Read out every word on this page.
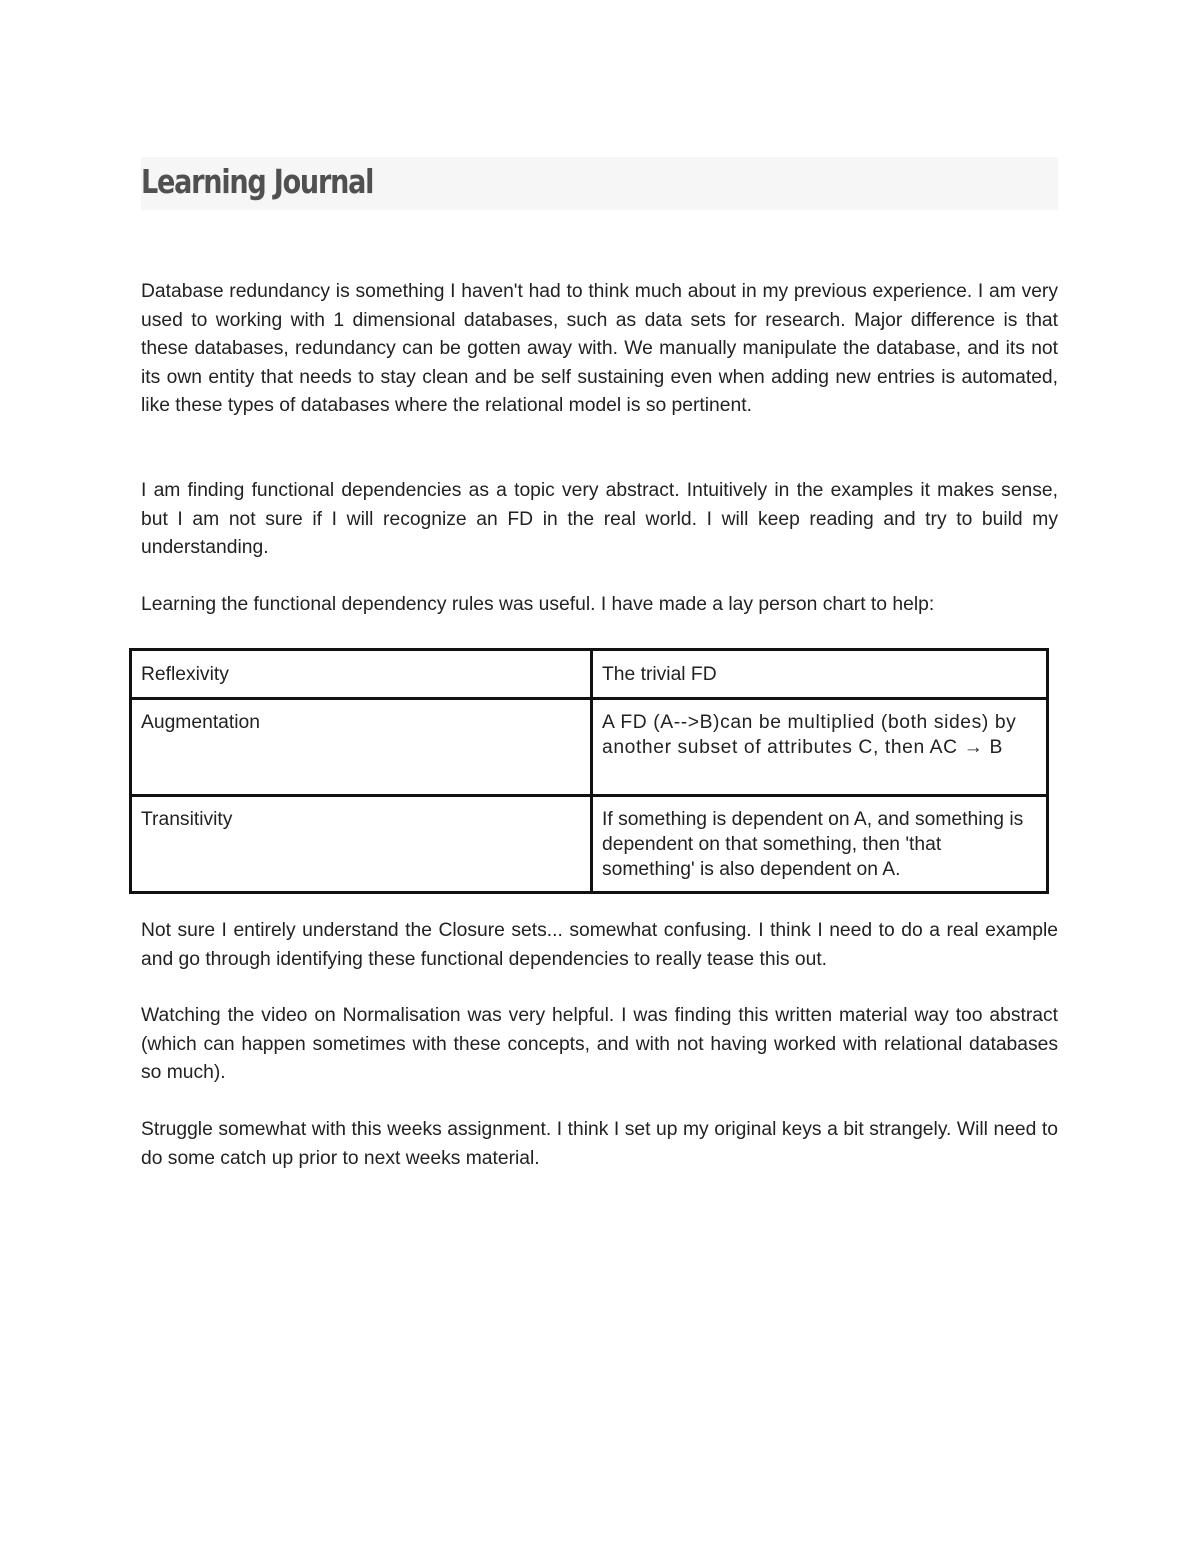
Learning Journal

Database redundancy is something I haven't had to think much about in my previous experience. I am very used to working with 1 dimensional databases, such as data sets for research. Major difference is that these databases, redundancy can be gotten away with. We manually manipulate the database, and its not its own entity that needs to stay clean and be self sustaining even when adding new entries is automated, like these types of databases where the relational model is so pertinent.

I am finding functional dependencies as a topic very abstract. Intuitively in the examples it makes sense, but I am not sure if I will recognize an FD in the real world. I will keep reading and try to build my understanding.

Learning the functional dependency rules was useful. I have made a lay person chart to help:

Reflexivity	The trivial FD
Augmentation	A FD (A-->B)can be multiplied (both sides) by another subset of attributes C, then AC → B
Transitivity	If something is dependent on A, and something is dependent on that something, then 'that something' is also dependent on A.

Not sure I entirely understand the Closure sets... somewhat confusing. I think I need to do a real example and go through identifying these functional dependencies to really tease this out.

Watching the video on Normalisation was very helpful. I was finding this written material way too abstract (which can happen sometimes with these concepts, and with not having worked with relational databases so much).

Struggle somewhat with this weeks assignment. I think I set up my original keys a bit strangely. Will need to do some catch up prior to next weeks material.
